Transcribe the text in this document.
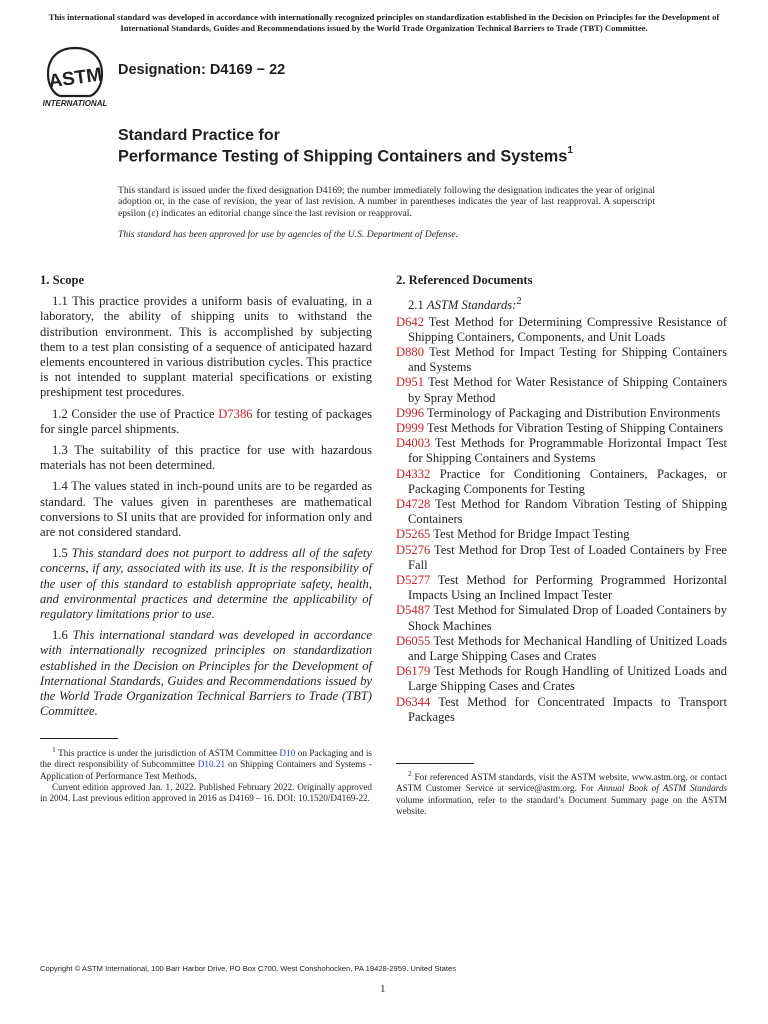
This international standard was developed in accordance with internationally recognized principles on standardization established in the Decision on Principles for the Development of International Standards, Guides and Recommendations issued by the World Trade Organization Technical Barriers to Trade (TBT) Committee.
ASTM
INTERNATIONAL
Designation: D4169 − 22
Standard Practice for
Performance Testing of Shipping Containers and Systems$^1$
This standard is issued under the fixed designation D4169; the number immediately following the designation indicates the year of original adoption or, in the case of revision, the year of last revision. A number in parentheses indicates the year of last reapproval. A superscript epsilon (ε) indicates an editorial change since the last revision or reapproval.
This standard has been approved for use by agencies of the U.S. Department of Defense.
1. Scope

1.1 This practice provides a uniform basis of evaluating, in a laboratory, the ability of shipping units to withstand the distribution environment. This is accomplished by subjecting them to a test plan consisting of a sequence of anticipated hazard elements encountered in various distribution cycles. This practice is not intended to supplant material specifications or existing preshipment test procedures.

1.2 Consider the use of Practice D7386 for testing of packages for single parcel shipments.

1.3 The suitability of this practice for use with hazardous materials has not been determined.

1.4 The values stated in inch-pound units are to be regarded as standard. The values given in parentheses are mathematical conversions to SI units that are provided for information only and are not considered standard.

1.5 This standard does not purport to address all of the safety concerns, if any, associated with its use. It is the responsibility of the user of this standard to establish appropriate safety, health, and environmental practices and determine the applicability of regulatory limitations prior to use.

1.6 This international standard was developed in accordance with internationally recognized principles on standardization established in the Decision on Principles for the Development of International Standards, Guides and Recommendations issued by the World Trade Organization Technical Barriers to Trade (TBT) Committee.

$^1$ This practice is under the jurisdiction of ASTM Committee D10 on Packaging and is the direct responsibility of Subcommittee D10.21 on Shipping Containers and Systems - Application of Performance Test Methods.
Current edition approved Jan. 1, 2022. Published February 2022. Originally approved in 2004. Last previous edition approved in 2016 as D4169 – 16. DOI: 10.1520/D4169-22.
2. Referenced Documents
2.1 ASTM Standards:$^2$

D642 Test Method for Determining Compressive Resistance of Shipping Containers, Components, and Unit Loads

D880 Test Method for Impact Testing for Shipping Containers and Systems

D951 Test Method for Water Resistance of Shipping Containers by Spray Method

D996 Terminology of Packaging and Distribution Environments

D999 Test Methods for Vibration Testing of Shipping Containers

D4003 Test Methods for Programmable Horizontal Impact Test for Shipping Containers and Systems

D4332 Practice for Conditioning Containers, Packages, or Packaging Components for Testing

D4728 Test Method for Random Vibration Testing of Shipping Containers

D5265 Test Method for Bridge Impact Testing

D5276 Test Method for Drop Test of Loaded Containers by Free Fall

D5277 Test Method for Performing Programmed Horizontal Impacts Using an Inclined Impact Tester

D5487 Test Method for Simulated Drop of Loaded Containers by Shock Machines

D6055 Test Methods for Mechanical Handling of Unitized Loads and Large Shipping Cases and Crates

D6179 Test Methods for Rough Handling of Unitized Loads and Large Shipping Cases and Crates

D6344 Test Method for Concentrated Impacts to Transport Packages

$^2$ For referenced ASTM standards, visit the ASTM website, www.astm.org, or contact ASTM Customer Service at service@astm.org. For Annual Book of ASTM Standards volume information, refer to the standard’s Document Summary page on the ASTM website.
Copyright © ASTM International, 100 Barr Harbor Drive, PO Box C700, West Conshohocken, PA 19428-2959. United States
1
